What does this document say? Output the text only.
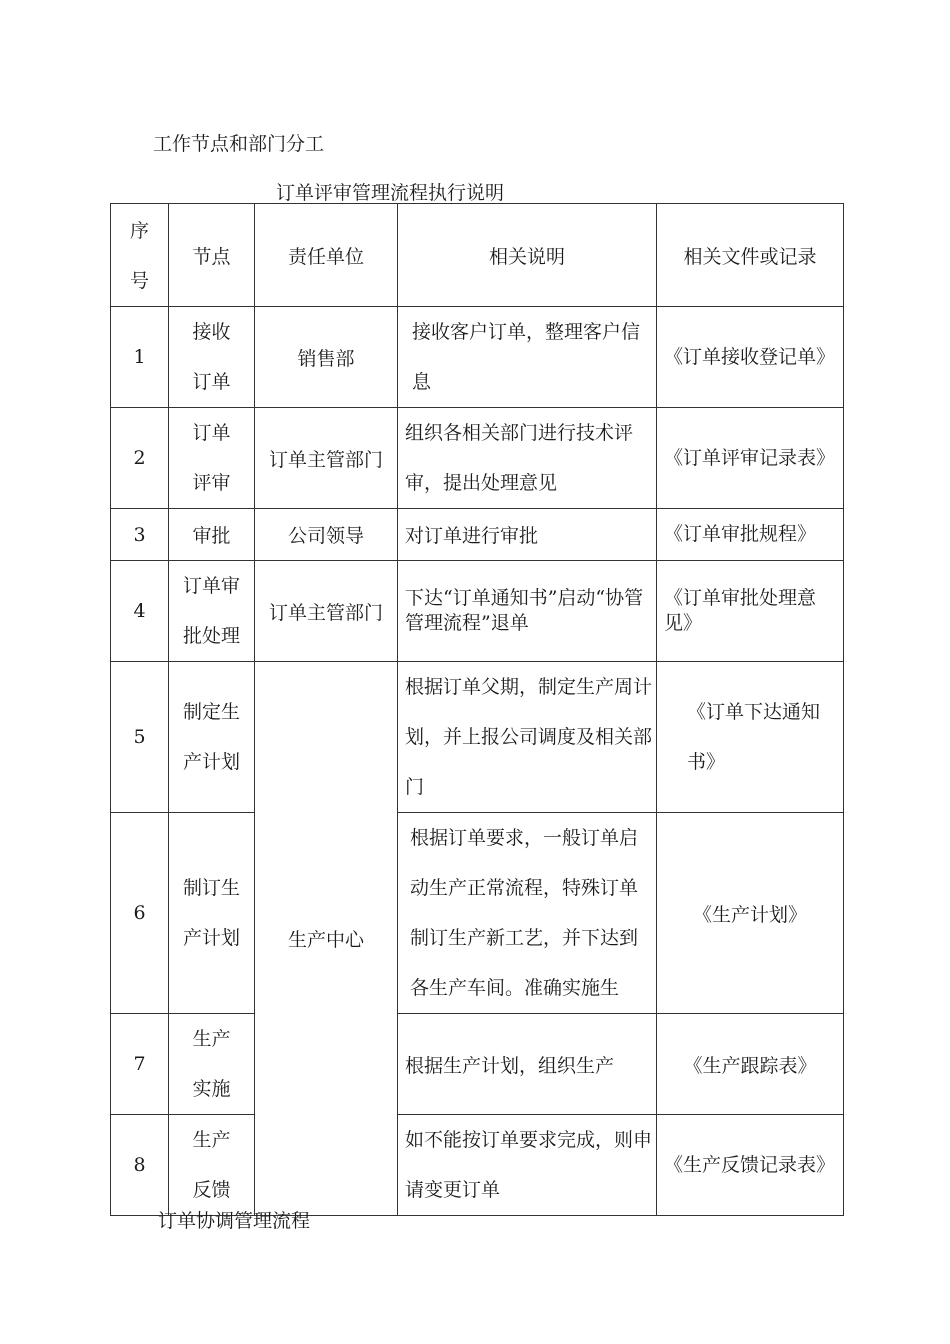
工作节点和部门分工
订单评审管理流程执行说明
序号	节点	责任单位	相关说明	相关文件或记录
1	接收订单	销售部	接收客户订单，整理客户信息	《订单接收登记单》
2	订单评审	订单主管部门	组织各相关部门进行技术评审，提出处理意见	《订单评审记录表》
3	审批	公司领导	对订单进行审批	《订单审批规程》
4	订单审批处理	订单主管部门	下达“订单通知书”启动“协管管理流程”退单	《订单审批处理意见》
5	制定生产计划	生产中心	根据订单父期，制定生产周计划，并上报公司调度及相关部门	《订单下达通知书》
6	制订生产计划		根据订单要求，一般订单启动生产正常流程，特殊订单制订生产新工艺，并下达到各生产车间。准确实施生	《生产计划》
7	生产实施		根据生产计划，组织生产	《生产跟踪表》
8	生产反馈		如不能按订单要求完成，则申请变更订单	《生产反馈记录表》
订单协调管理流程
